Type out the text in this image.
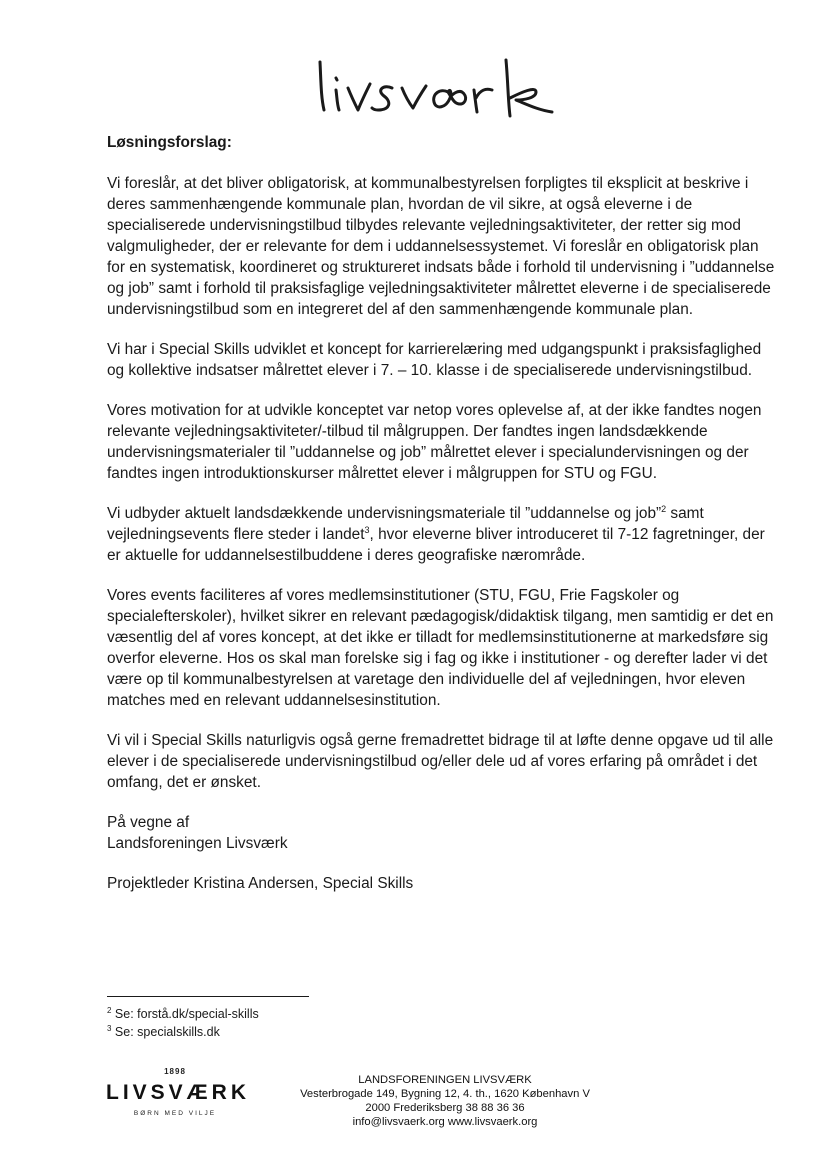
Løsningsforslag:

Vi foreslår, at det bliver obligatorisk, at kommunalbestyrelsen forpligtes til eksplicit at beskrive i deres sammenhængende kommunale plan, hvordan de vil sikre, at også eleverne i de specialiserede undervisningstilbud tilbydes relevante vejledningsaktiviteter, der retter sig mod valgmuligheder, der er relevante for dem i uddannelsessystemet. Vi foreslår en obligatorisk plan for en systematisk, koordineret og struktureret indsats både i forhold til undervisning i ”uddannelse og job” samt i forhold til praksisfaglige vejledningsaktiviteter målrettet eleverne i de specialiserede undervisningstilbud som en integreret del af den sammenhængende kommunale plan.

Vi har i Special Skills udviklet et koncept for karrierelæring med udgangspunkt i praksisfaglighed og kollektive indsatser målrettet elever i 7. – 10. klasse i de specialiserede undervisningstilbud.

Vores motivation for at udvikle konceptet var netop vores oplevelse af, at der ikke fandtes nogen relevante vejledningsaktiviteter/-tilbud til målgruppen. Der fandtes ingen landsdækkende undervisningsmaterialer til ”uddannelse og job” målrettet elever i specialundervisningen og der fandtes ingen introduktionskurser målrettet elever i målgruppen for STU og FGU.

Vi udbyder aktuelt landsdækkende undervisningsmateriale til ”uddannelse og job”$^2$ samt vejledningsevents flere steder i landet$^3$, hvor eleverne bliver introduceret til 7-12 fagretninger, der er aktuelle for uddannelsestilbuddene i deres geografiske nærområde.

Vores events faciliteres af vores medlemsinstitutioner (STU, FGU, Frie Fagskoler og specialefterskoler), hvilket sikrer en relevant pædagogisk/didaktisk tilgang, men samtidig er det en væsentlig del af vores koncept, at det ikke er tilladt for medlemsinstitutionerne at markedsføre sig overfor eleverne. Hos os skal man forelske sig i fag og ikke i institutioner - og derefter lader vi det være op til kommunalbestyrelsen at varetage den individuelle del af vejledningen, hvor eleven matches med en relevant uddannelsesinstitution.

Vi vil i Special Skills naturligvis også gerne fremadrettet bidrage til at løfte denne opgave ud til alle elever i de specialiserede undervisningstilbud og/eller dele ud af vores erfaring på området i det omfang, det er ønsket.

På vegne af
Landsforeningen Livsværk
Projektleder Kristina Andersen, Special Skills
$^2$ Se: forstå.dk/special-skills
$^3$ Se: specialskills.dk
1898
LIVSVÆRK
BØRN MED VILJE
LANDSFORENINGEN LIVSVÆRK
Vesterbrogade 149, Bygning 12, 4. th., 1620 København V
2000 Frederiksberg 38 88 36 36
info@livsvaerk.org www.livsvaerk.org
